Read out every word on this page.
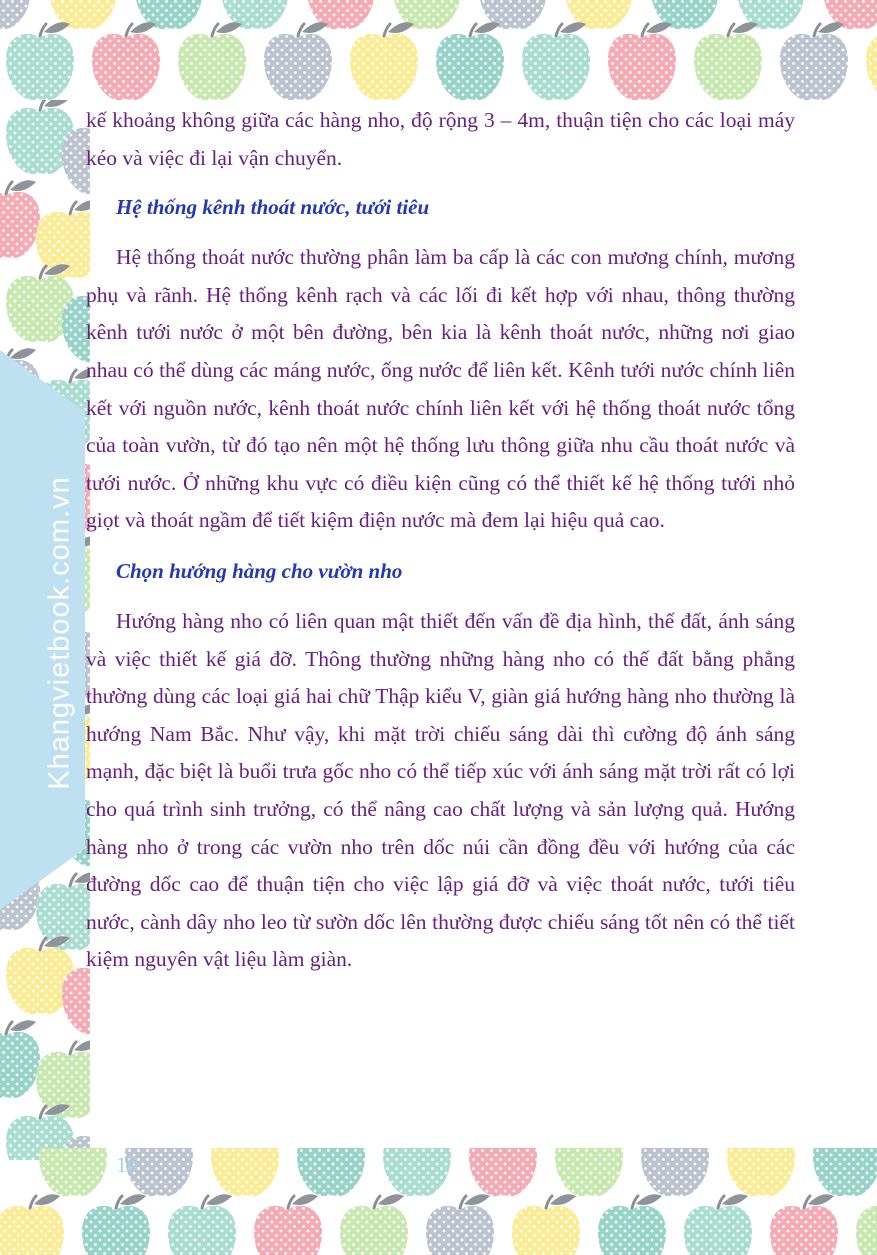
Khangvietbook.com.vn

kế khoảng không giữa các hàng nho, độ rộng 3 – 4m, thuận tiện cho các loại máy kéo và việc đi lại vận chuyển.

Hệ thống kênh thoát nước, tưới tiêu

Hệ thống thoát nước thường phân làm ba cấp là các con mương chính, mương phụ và rãnh. Hệ thống kênh rạch và các lối đi kết hợp với nhau, thông thường kênh tưới nước ở một bên đường, bên kia là kênh thoát nước, những nơi giao nhau có thể dùng các máng nước, ống nước để liên kết. Kênh tưới nước chính liên kết với nguồn nước, kênh thoát nước chính liên kết với hệ thống thoát nước tổng của toàn vườn, từ đó tạo nên một hệ thống lưu thông giữa nhu cầu thoát nước và tưới nước. Ở những khu vực có điều kiện cũng có thể thiết kế hệ thống tưới nhỏ giọt và thoát ngầm để tiết kiệm điện nước mà đem lại hiệu quả cao.

Chọn hướng hàng cho vườn nho

Hướng hàng nho có liên quan mật thiết đến vấn đề địa hình, thế đất, ánh sáng và việc thiết kế giá đỡ. Thông thường những hàng nho có thế đất bằng phẳng thường dùng các loại giá hai chữ Thập kiểu V, giàn giá hướng hàng nho thường là hướng Nam Bắc. Như vậy, khi mặt trời chiếu sáng dài thì cường độ ánh sáng mạnh, đặc biệt là buổi trưa gốc nho có thể tiếp xúc với ánh sáng mặt trời rất có lợi cho quá trình sinh trưởng, có thể nâng cao chất lượng và sản lượng quả. Hướng hàng nho ở trong các vườn nho trên dốc núi cần đồng đều với hướng của các đường dốc cao để thuận tiện cho việc lập giá đỡ và việc thoát nước, tưới tiêu nước, cành dây nho leo từ sườn dốc lên thường được chiếu sáng tốt nên có thể tiết kiệm nguyên vật liệu làm giàn.

16
